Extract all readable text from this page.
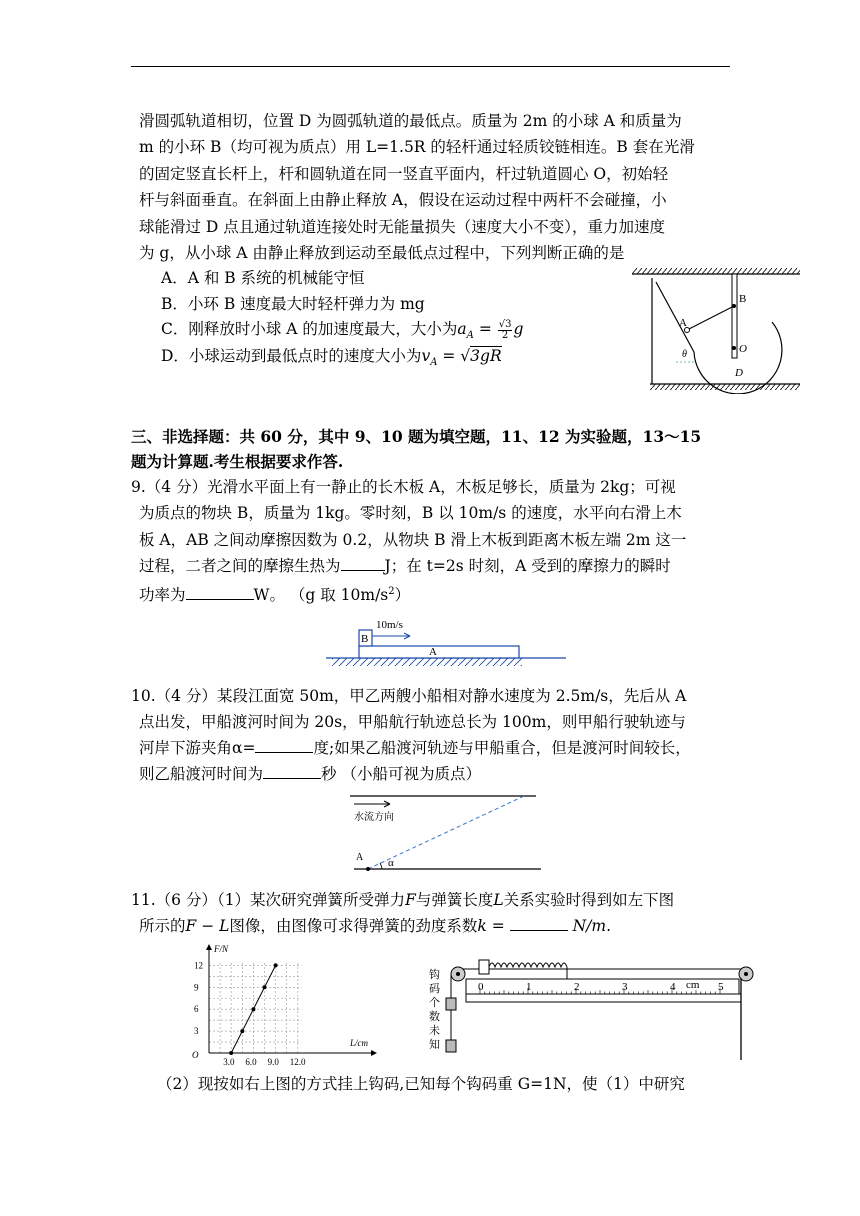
滑圆弧轨道相切，位置 D 为圆弧轨道的最低点。质量为 2m 的小球 A 和质量为
m 的小环 B（均可视为质点）用 L=1.5R 的轻杆通过轻质铰链相连。B 套在光滑
的固定竖直长杆上，杆和圆轨道在同一竖直平面内，杆过轨道圆心 O，初始轻
杆与斜面垂直。在斜面上由静止释放 A，假设在运动过程中两杆不会碰撞，小
球能滑过 D 点且通过轨道连接处时无能量损失（速度大小不变），重力加速度
为 g，从小球 A 由静止释放到运动至最低点过程中，下列判断正确的是
A．A 和 B 系统的机械能守恒
B．小环 B 速度最大时轻杆弹力为 mg
C．刚释放时小球 A 的加速度最大，大小为$a_A = \frac{√3}{2}$ g
D．小球运动到最低点时的速度大小为$v_A = √3gR$
A
B
O
D
θ
三、非选择题：共 60 分，其中 9、10 题为填空题，11、12 为实验题，13～15
题为计算题.考生根据要求作答.
9.（4 分）光滑水平面上有一静止的长木板 A，木板足够长，质量为 2kg；可视
为质点的物块 B，质量为 1kg。零时刻，B 以 10m/s 的速度，水平向右滑上木
板 A，AB 之间动摩擦因数为 0.2，从物块 B 滑上木板到距离木板左端 2m 这一
过程，二者之间的摩擦生热为	J；在 t=2s 时刻，A 受到的摩擦力的瞬时
功率为	W。 （g 取 $10m/s^2$）
10m/s
B
A
10.（4 分）某段江面宽 50m，甲乙两艘小船相对静水速度为 2.5m/s，先后从 A
点出发，甲船渡河时间为 20s，甲船航行轨迹总长为 100m，则甲船行驶轨迹与
河岸下游夹角α=	度;如果乙船渡河轨迹与甲船重合，但是渡河时间较长，
则乙船渡河时间为	秒 （小船可视为质点）
水流方向
A α
11.（6 分）（1）某次研究弹簧所受弹力F与弹簧长度L关系实验时得到如左下图
所示的F − L图像，由图像可求得弹簧的劲度系数k =	N/m.
F/N
L/cm
O
3
6
9
12
3.0 6.0 9.0 12.0
钩
码
个
数
未
知
0	1	2	3	4 cm 5
（2）现按如右上图的方式挂上钩码,已知每个钩码重 G=1N，使（1）中研究
